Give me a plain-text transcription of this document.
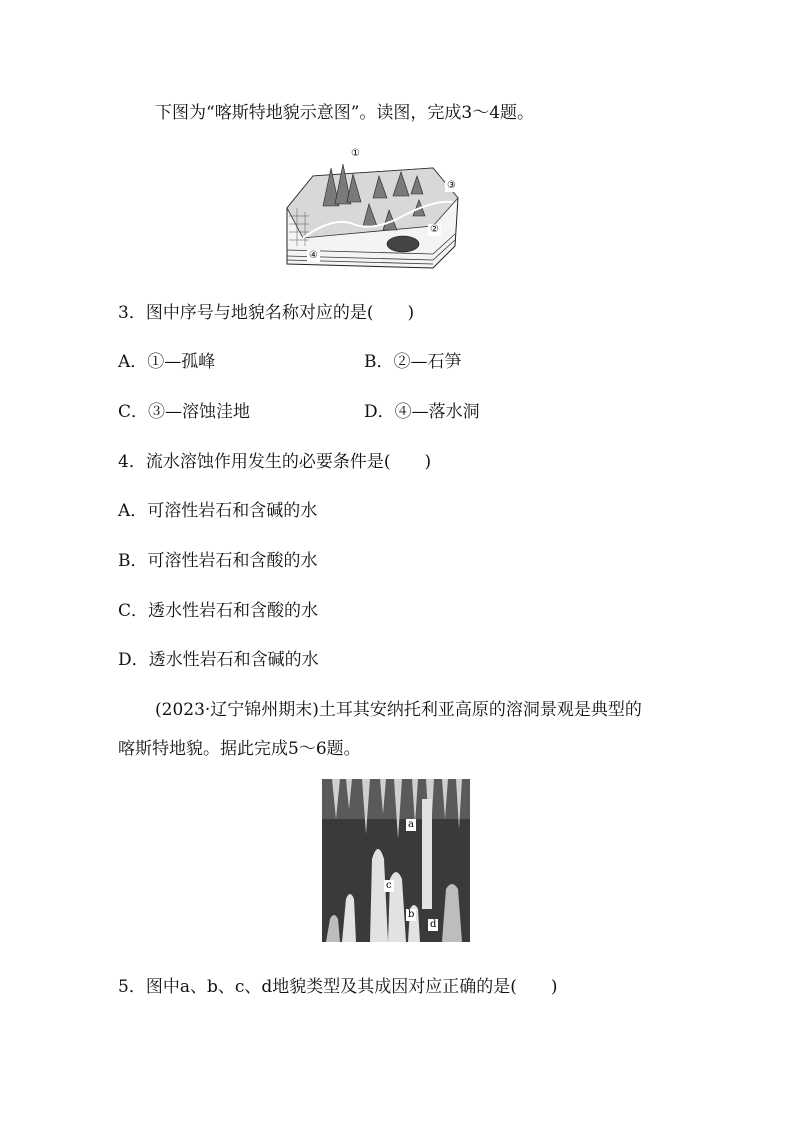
下图为“喀斯特地貌示意图”。读图，完成3～4题。
①
②
③
④
3．图中序号与地貌名称对应的是(　　)
A．①—孤峰	B．②—石笋
C．③—溶蚀洼地	D．④—落水洞
4．流水溶蚀作用发生的必要条件是(　　)
A．可溶性岩石和含碱的水
B．可溶性岩石和含酸的水
C．透水性岩石和含酸的水
D．透水性岩石和含碱的水
(2023·辽宁锦州期末)土耳其安纳托利亚高原的溶洞景观是典型的
喀斯特地貌。据此完成5～6题。
a
b
c
d
5．图中a、b、c、d地貌类型及其成因对应正确的是(　　)
